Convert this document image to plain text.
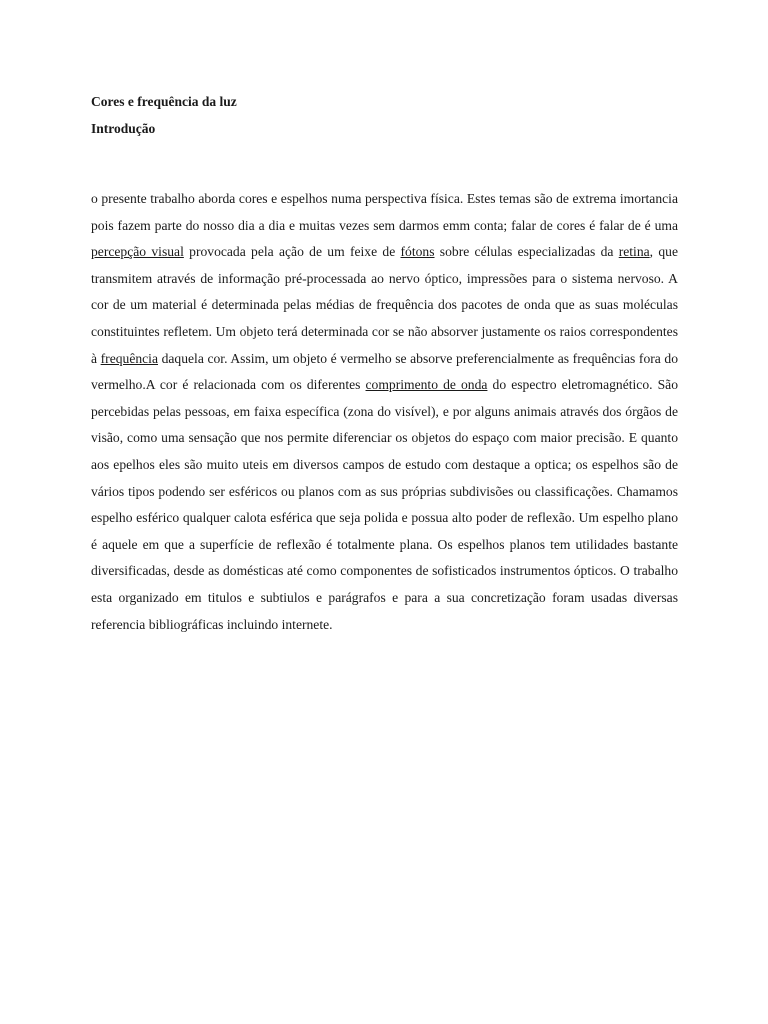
Cores e frequência da luz
Introdução

o presente trabalho aborda cores e espelhos numa perspectiva física. Estes temas são de extrema imortancia pois fazem parte do nosso dia a dia e muitas vezes sem darmos emm conta; falar de cores é falar de é uma percepção visual provocada pela ação de um feixe de fótons sobre células especializadas da retina, que transmitem através de informação pré-processada ao nervo óptico, impressões para o sistema nervoso. A cor de um material é determinada pelas médias de frequência dos pacotes de onda que as suas moléculas constituintes refletem. Um objeto terá determinada cor se não absorver justamente os raios correspondentes à frequência daquela cor. Assim, um objeto é vermelho se absorve preferencialmente as frequências fora do vermelho.A cor é relacionada com os diferentes comprimento de onda do espectro eletromagnético. São percebidas pelas pessoas, em faixa específica (zona do visível), e por alguns animais através dos órgãos de visão, como uma sensação que nos permite diferenciar os objetos do espaço com maior precisão. E quanto aos epelhos eles são muito uteis em diversos campos de estudo com destaque a optica; os espelhos são de vários tipos podendo ser esféricos ou planos com as sus próprias subdivisões ou classificações. Chamamos espelho esférico qualquer calota esférica que seja polida e possua alto poder de reflexão. Um espelho plano é aquele em que a superfície de reflexão é totalmente plana. Os espelhos planos tem utilidades bastante diversificadas, desde as domésticas até como componentes de sofisticados instrumentos ópticos. O trabalho esta organizado em titulos e subtiulos e parágrafos e para a sua concretização foram usadas diversas referencia bibliográficas incluindo internete.
